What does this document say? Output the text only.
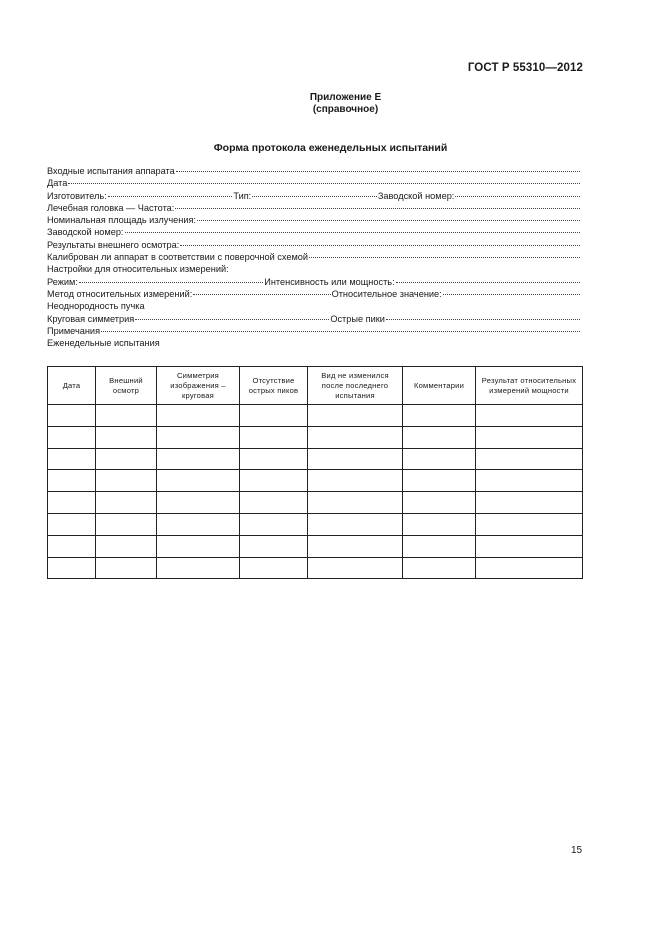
ГОСТ Р 55310—2012
Приложение Е
(справочное)
Форма протокола еженедельных испытаний
Входные испытания аппарата
Дата
Изготовитель:	Тип:	Заводской номер:
Лечебная головка — Частота:
Номинальная площадь излучения:
Заводской номер:
Результаты внешнего осмотра:
Калиброван ли аппарат в соответствии с поверочной схемой
Настройки для относительных измерений:
Режим:	Интенсивность или мощность:
Метод относительных измерений:	Относительное значение:
Неоднородность пучка
Круговая симметрия	Острые пики
Примечания
Еженедельные испытания
Дата	Внешний осмотр	Симметрия изображения – круговая	Отсутствие острых пиков	Вид не изменился после последнего испытания	Комментарии	Результат относительных измерений мощности

15
